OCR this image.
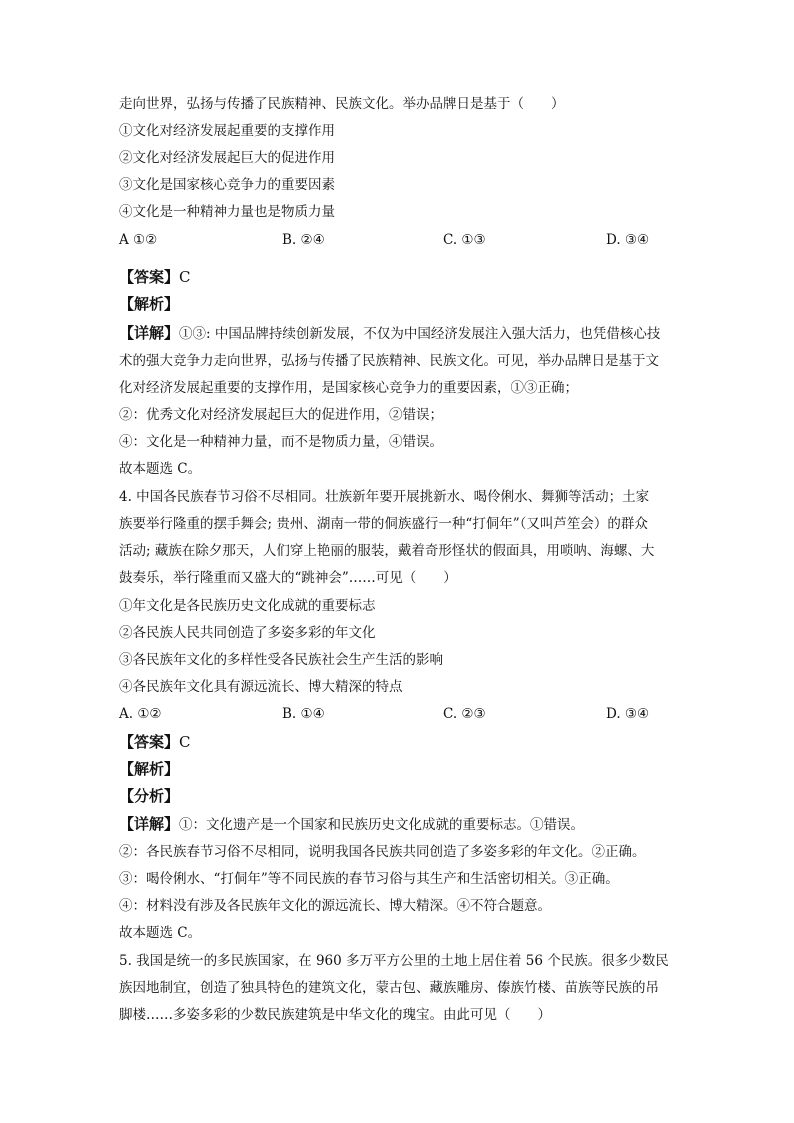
走向世界，弘扬与传播了民族精神、民族文化。举办品牌日是基于（　　）

①文化对经济发展起重要的支撑作用

②文化对经济发展起巨大的促进作用

③文化是国家核心竞争力的重要因素

④文化是一种精神力量也是物质力量

A ①②	B. ②④	C. ①③	D. ③④

【答案】C

【解析】

【详解】①③: 中国品牌持续创新发展，不仅为中国经济发展注入强大活力，也凭借核心技

术的强大竞争力走向世界，弘扬与传播了民族精神、民族文化。可见，举办品牌日是基于文

化对经济发展起重要的支撑作用，是国家核心竞争力的重要因素，①③正确；

②：优秀文化对经济发展起巨大的促进作用，②错误；

④：文化是一种精神力量，而不是物质力量，④错误。

故本题选 C。

4. 中国各民族春节习俗不尽相同。壮族新年要开展挑新水、喝伶俐水、舞狮等活动；土家

族要举行隆重的摆手舞会; 贵州、湖南一带的侗族盛行一种“打侗年”（又叫芦笙会）的群众

活动; 藏族在除夕那天，人们穿上艳丽的服装，戴着奇形怪状的假面具，用唢呐、海螺、大

鼓奏乐，举行隆重而又盛大的“跳神会”……可见（　　）

①年文化是各民族历史文化成就的重要标志

②各民族人民共同创造了多姿多彩的年文化

③各民族年文化的多样性受各民族社会生产生活的影响

④各民族年文化具有源远流长、博大精深的特点

A. ①②	B. ①④	C. ②③	D. ③④

【答案】C

【解析】

【分析】

【详解】①：文化遗产是一个国家和民族历史文化成就的重要标志。①错误。

②：各民族春节习俗不尽相同，说明我国各民族共同创造了多姿多彩的年文化。②正确。

③：喝伶俐水、“打侗年”等不同民族的春节习俗与其生产和生活密切相关。③正确。

④：材料没有涉及各民族年文化的源远流长、博大精深。④不符合题意。

故本题选 C。

5. 我国是统一的多民族国家，在 960 多万平方公里的土地上居住着 56 个民族。很多少数民

族因地制宜，创造了独具特色的建筑文化，蒙古包、藏族雕房、傣族竹楼、苗族等民族的吊

脚楼……多姿多彩的少数民族建筑是中华文化的瑰宝。由此可见（　　）
